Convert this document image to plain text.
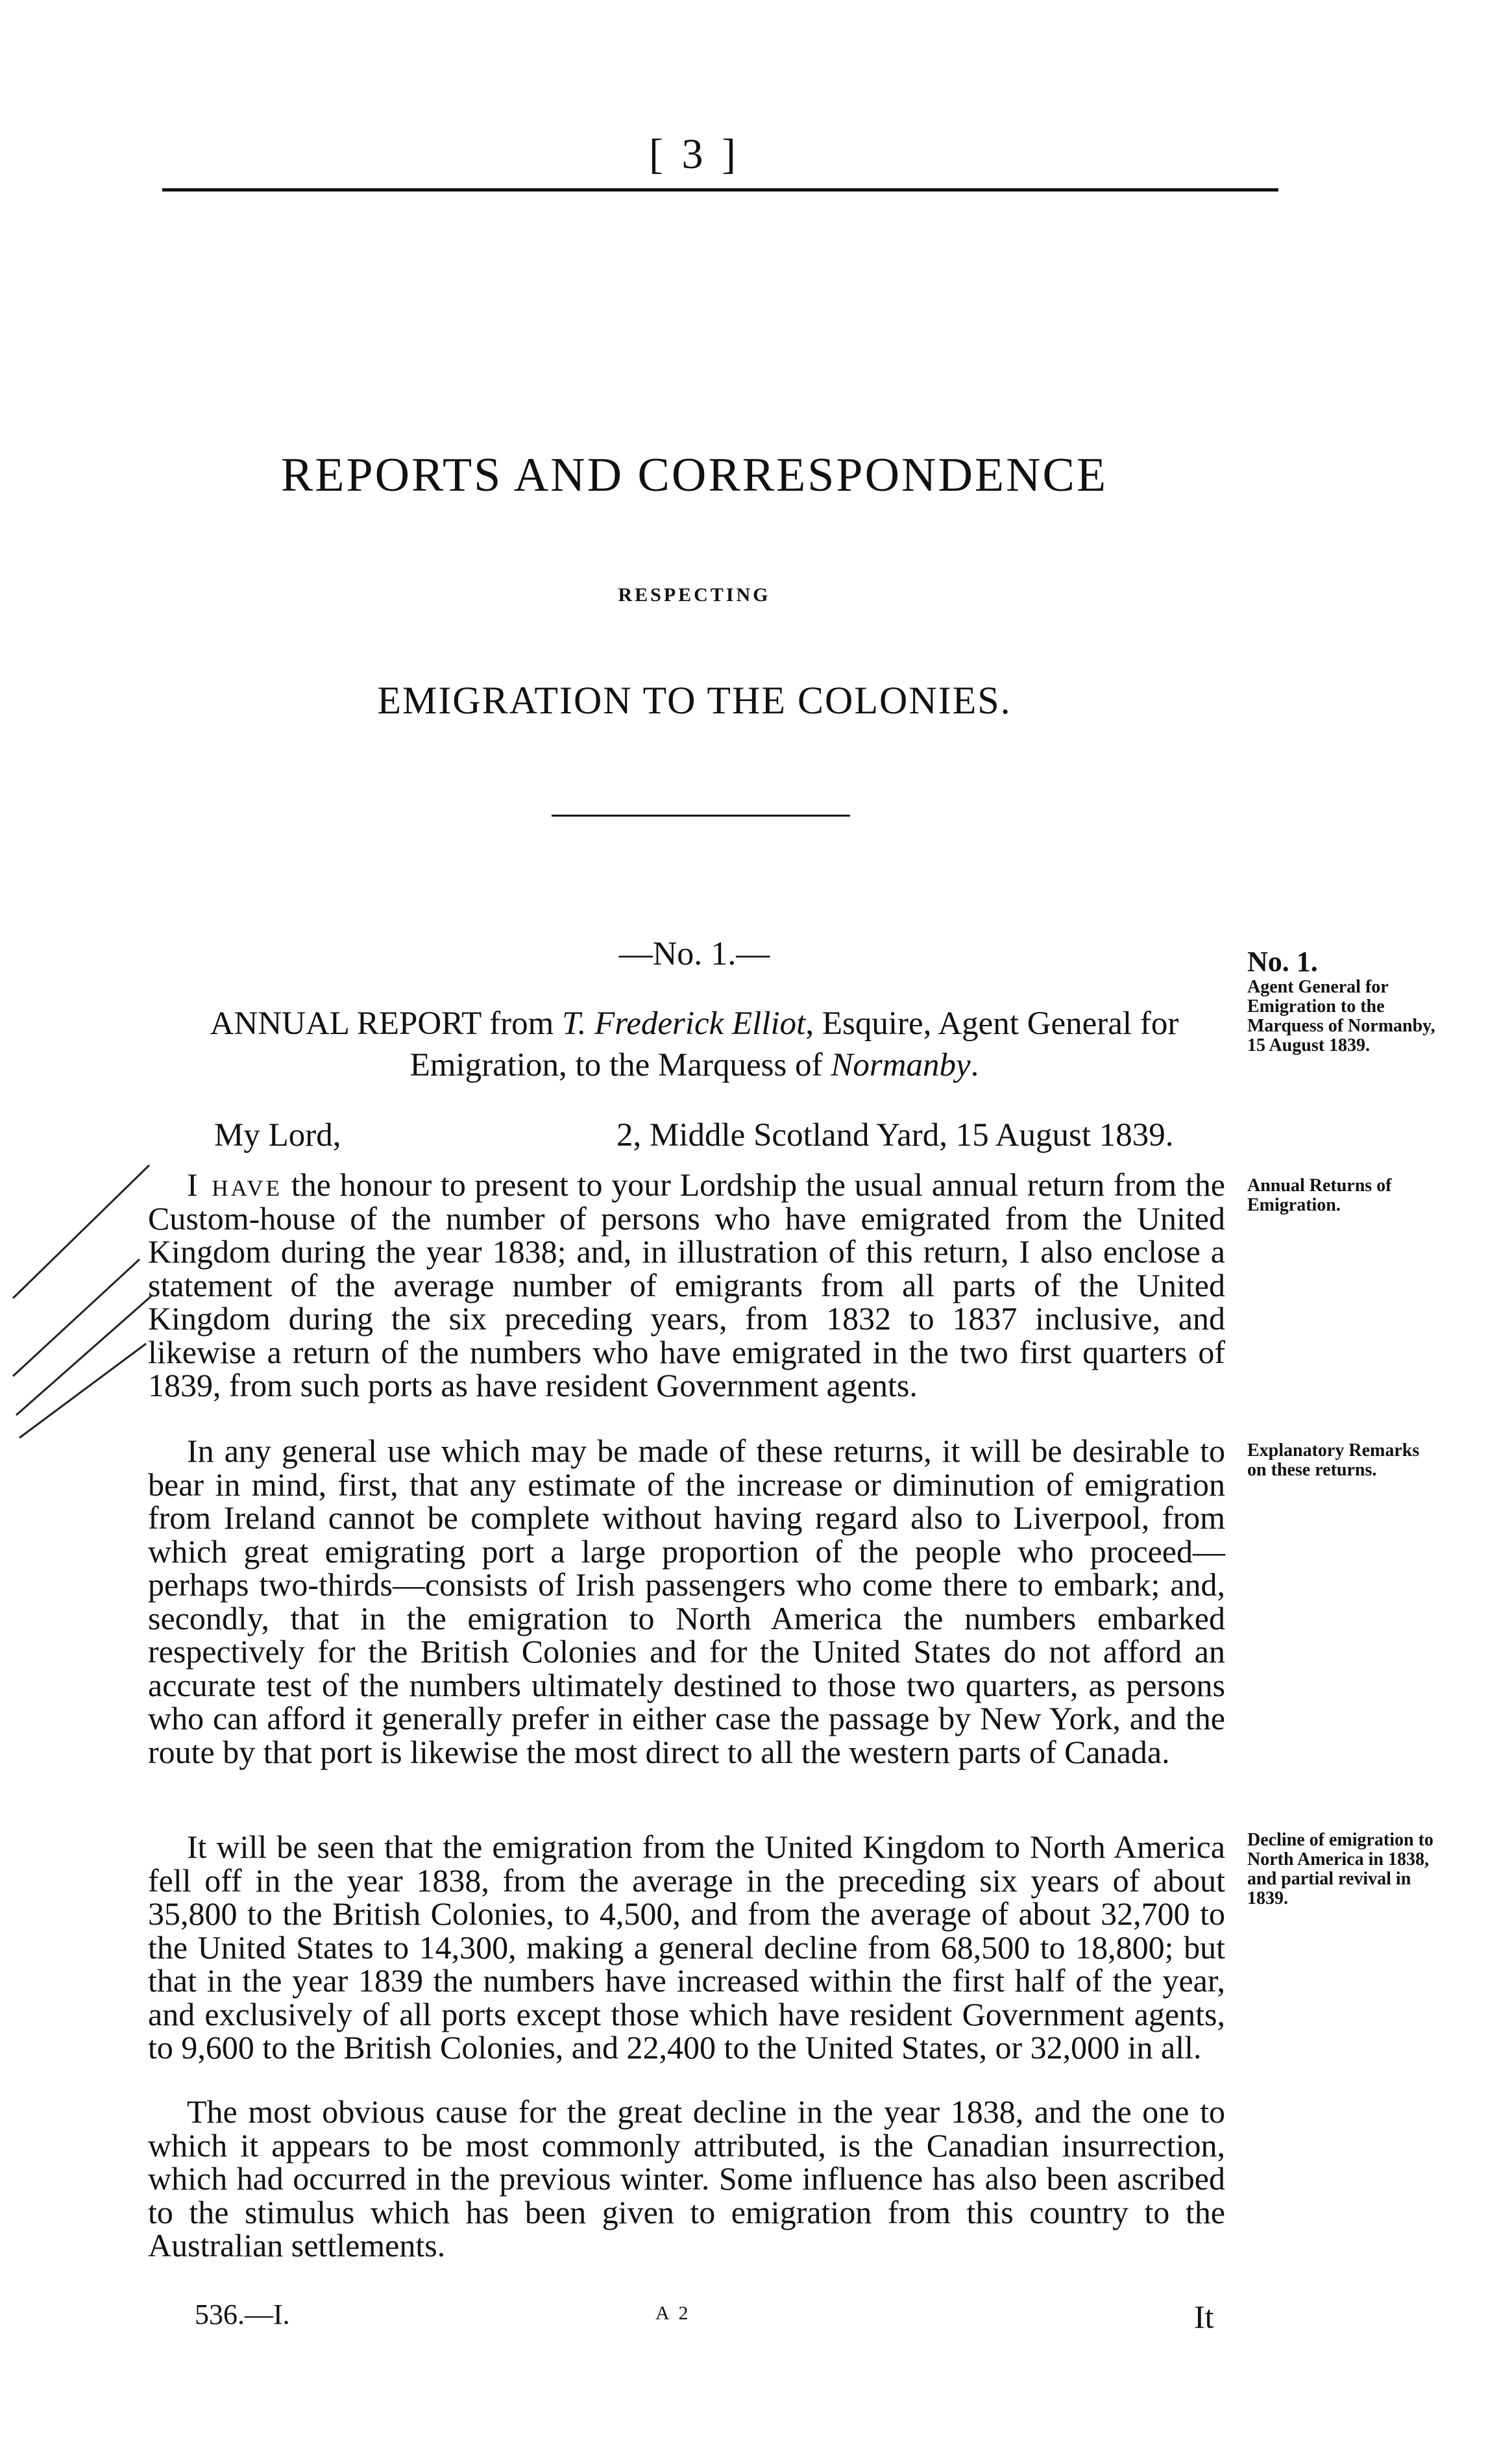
[ 3 ]
REPORTS AND CORRESPONDENCE
RESPECTING
EMIGRATION TO THE COLONIES.
—No. 1.—
ANNUAL REPORT from T. Frederick Elliot, Esquire, Agent General for Emigration, to the Marquess of Normanby.
My Lord,	2, Middle Scotland Yard, 15 August 1839.

I have the honour to present to your Lordship the usual annual return from the Custom-house of the number of persons who have emigrated from the United Kingdom during the year 1838; and, in illustration of this return, I also enclose a statement of the average number of emigrants from all parts of the United Kingdom during the six preceding years, from 1832 to 1837 inclusive, and likewise a return of the numbers who have emigrated in the two first quarters of 1839, from such ports as have resident Government agents.

In any general use which may be made of these returns, it will be desirable to bear in mind, first, that any estimate of the increase or diminution of emigration from Ireland cannot be complete without having regard also to Liverpool, from which great emigrating port a large proportion of the people who proceed—perhaps two-thirds—consists of Irish passengers who come there to embark; and, secondly, that in the emigration to North America the numbers embarked respectively for the British Colonies and for the United States do not afford an accurate test of the numbers ultimately destined to those two quarters, as persons who can afford it generally prefer in either case the passage by New York, and the route by that port is likewise the most direct to all the western parts of Canada.

It will be seen that the emigration from the United Kingdom to North America fell off in the year 1838, from the average in the preceding six years of about 35,800 to the British Colonies, to 4,500, and from the average of about 32,700 to the United States to 14,300, making a general decline from 68,500 to 18,800; but that in the year 1839 the numbers have increased within the first half of the year, and exclusively of all ports except those which have resident Government agents, to 9,600 to the British Colonies, and 22,400 to the United States, or 32,000 in all.

The most obvious cause for the great decline in the year 1838, and the one to which it appears to be most commonly attributed, is the Canadian insurrection, which had occurred in the previous winter. Some influence has also been ascribed to the stimulus which has been given to emigration from this country to the Australian settlements.

No. 1.
Agent General for Emigration to the Marquess of Normanby, 15 August 1839.
Annual Returns of Emigration.
Explanatory Remarks on these returns.
Decline of emigration to North America in 1838, and partial revival in 1839.
536.—I.	A 2	It
